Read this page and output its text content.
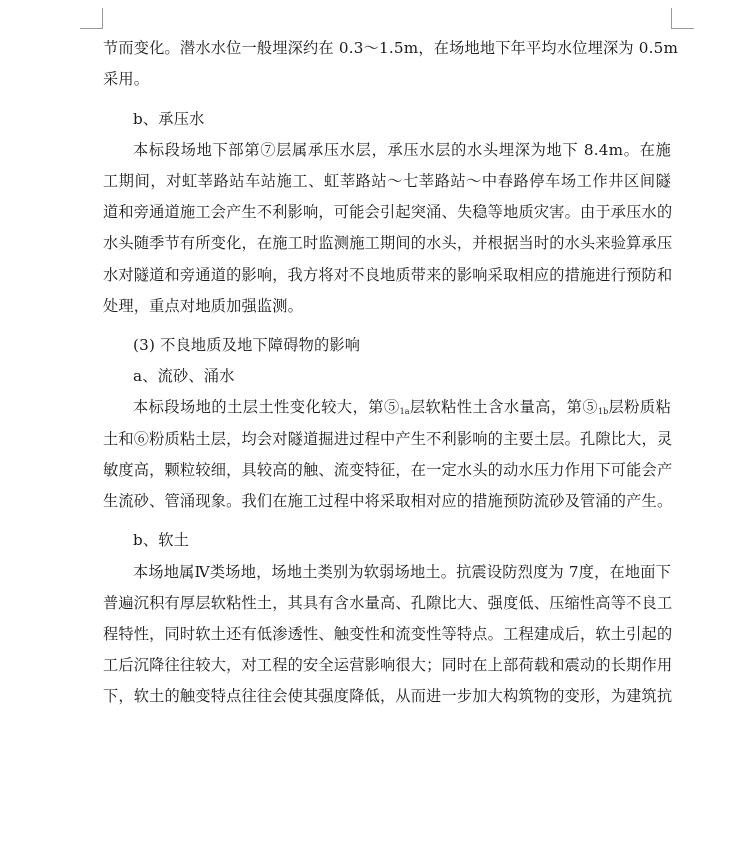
节而变化。潜水水位一般埋深约在 0.3～1.5m，在场地地下年平均水位埋深为 0.5m
采用。
b、承压水
本标段场地下部第⑦层属承压水层，承压水层的水头埋深为地下 8.4m。在施
工期间，对虹莘路站车站施工、虹莘路站～七莘路站～中春路停车场工作井区间隧
道和旁通道施工会产生不利影响，可能会引起突涌、失稳等地质灾害。由于承压水的
水头随季节有所变化，在施工时监测施工期间的水头，并根据当时的水头来验算承压
水对隧道和旁通道的影响，我方将对不良地质带来的影响采取相应的措施进行预防和
处理，重点对地质加强监测。
(3) 不良地质及地下障碍物的影响
a、流砂、涌水
本标段场地的土层土性变化较大，第$⑤_{1a}$层软粘性土含水量高，第$⑤_{1b}$层粉质粘
土和⑥粉质粘土层，均会对隧道掘进过程中产生不利影响的主要土层。孔隙比大，灵
敏度高，颗粒较细，具较高的触、流变特征，在一定水头的动水压力作用下可能会产
生流砂、管涌现象。我们在施工过程中将采取相对应的措施预防流砂及管涌的产生。
b、软土
本场地属Ⅳ类场地，场地土类别为软弱场地土。抗震设防烈度为 7度，在地面下
普遍沉积有厚层软粘性土，其具有含水量高、孔隙比大、强度低、压缩性高等不良工
程特性，同时软土还有低渗透性、触变性和流变性等特点。工程建成后，软土引起的
工后沉降往往较大，对工程的安全运营影响很大；同时在上部荷载和震动的长期作用
下，软土的触变特点往往会使其强度降低，从而进一步加大构筑物的变形，为建筑抗
